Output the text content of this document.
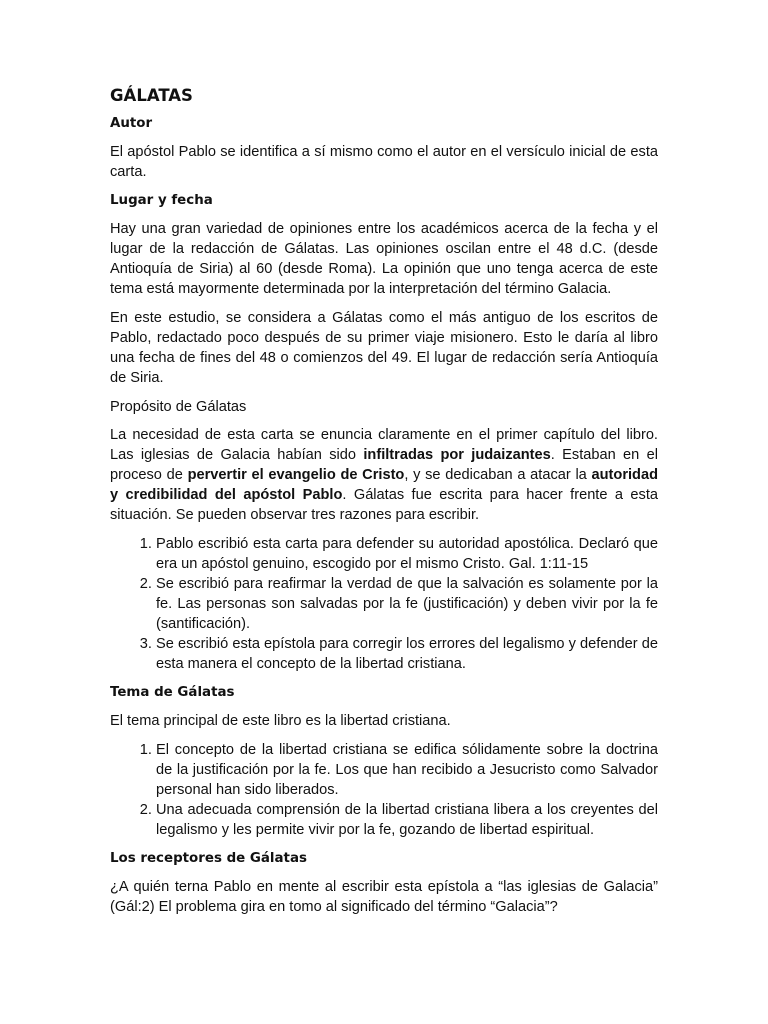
GÁLATAS
Autor

El apóstol Pablo se identifica a sí mismo como el autor en el versículo inicial de esta carta.

Lugar y fecha

Hay una gran variedad de opiniones entre los académicos acerca de la fecha y el lugar de la redacción de Gálatas. Las opiniones oscilan entre el 48 d.C. (desde Antioquía de Siria) al 60 (desde Roma). La opinión que uno tenga acerca de este tema está mayormente determinada por la interpretación del término Galacia.

En este estudio, se considera a Gálatas como el más antiguo de los escritos de Pablo, redactado poco después de su primer viaje misionero. Esto le daría al libro una fecha de fines del 48 o comienzos del 49. El lugar de redacción sería Antioquía de Siria.

Propósito de Gálatas

La necesidad de esta carta se enuncia claramente en el primer capítulo del libro. Las iglesias de Galacia habían sido infiltradas por judaizantes. Estaban en el proceso de pervertir el evangelio de Cristo, y se dedicaban a atacar la autoridad y credibilidad del apóstol Pablo. Gálatas fue escrita para hacer frente a esta situación. Se pueden observar tres razones para escribir.

1. Pablo escribió esta carta para defender su autoridad apostólica. Declaró que era un apóstol genuino, escogido por el mismo Cristo. Gal. 1:11-15
2. Se escribió para reafirmar la verdad de que la salvación es solamente por la fe. Las personas son salvadas por la fe (justificación) y deben vivir por la fe (santificación).
3. Se escribió esta epístola para corregir los errores del legalismo y defender de esta manera el concepto de la libertad cristiana.
Tema de Gálatas

El tema principal de este libro es la libertad cristiana.

1. El concepto de la libertad cristiana se edifica sólidamente sobre la doctrina de la justificación por la fe. Los que han recibido a Jesucristo como Salvador personal han sido liberados.
2. Una adecuada comprensión de la libertad cristiana libera a los creyentes del legalismo y les permite vivir por la fe, gozando de libertad espiritual.
Los receptores de Gálatas

¿A quién terna Pablo en mente al escribir esta epístola a “las iglesias de Galacia” (Gál:2) El problema gira en tomo al significado del término “Galacia”?
